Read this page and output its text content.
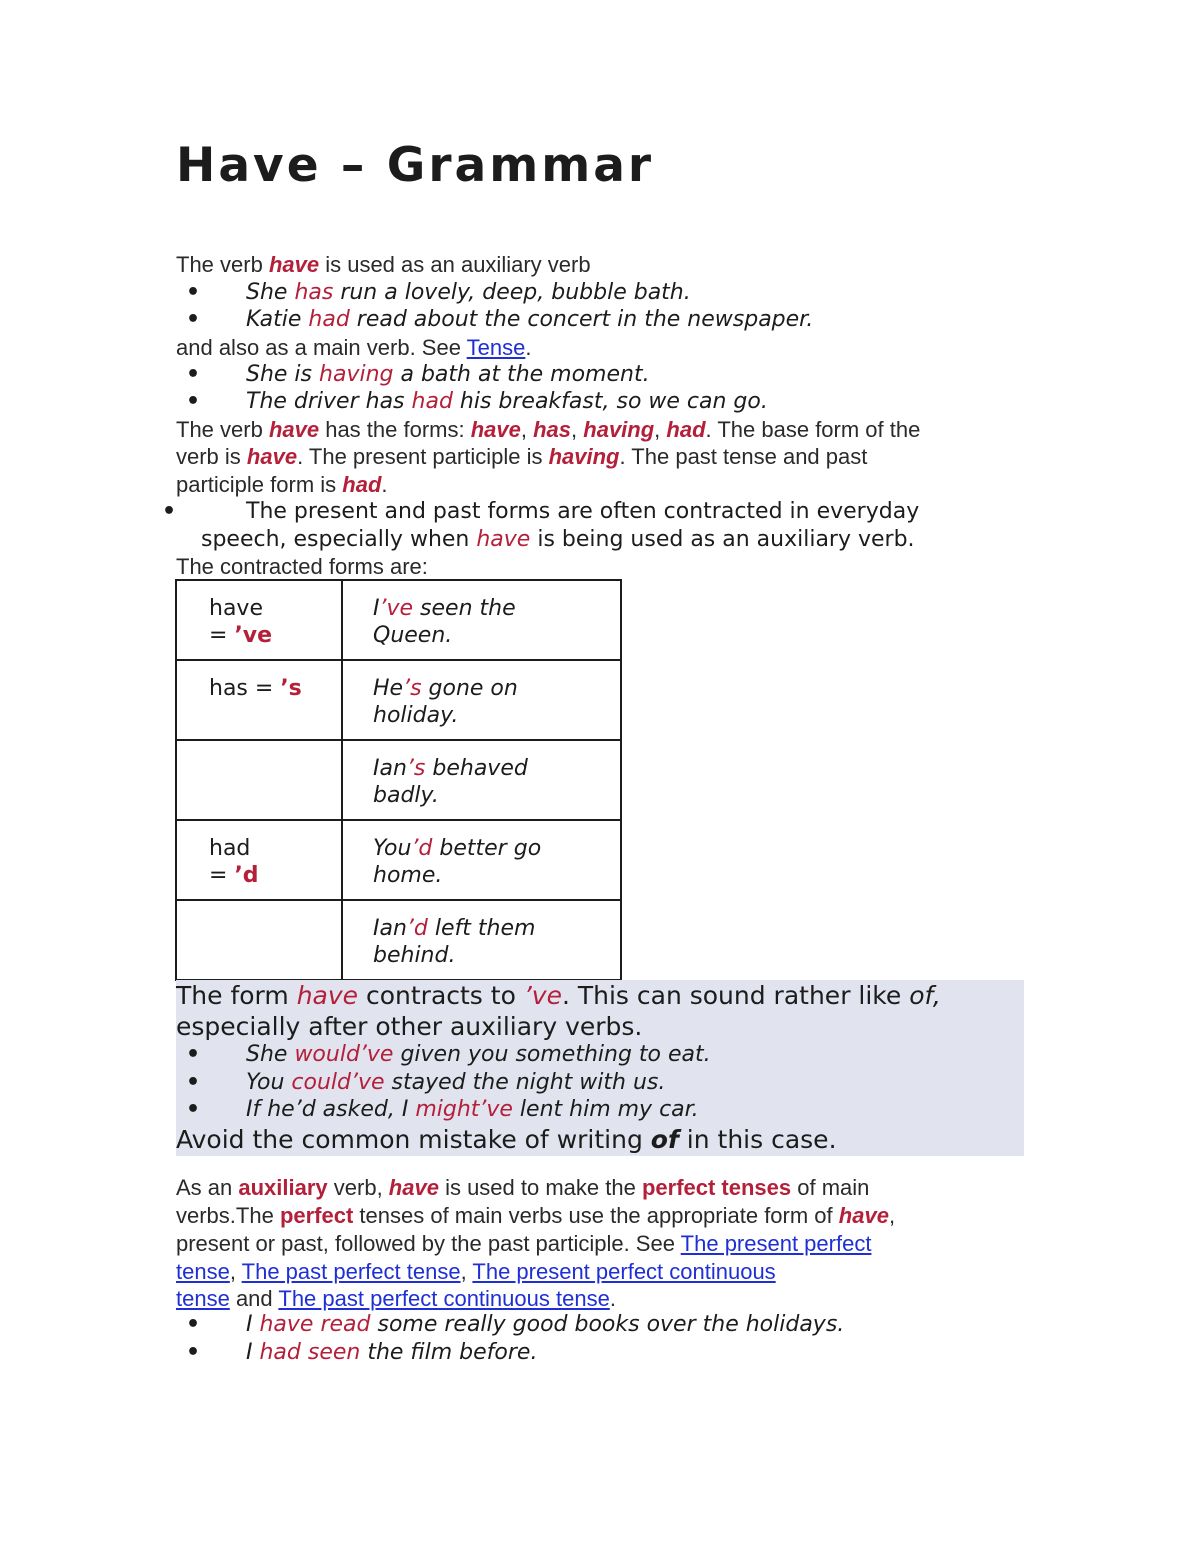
Have – Grammar
The verb have is used as an auxiliary verb
• She has run a lovely, deep, bubble bath.
• Katie had read about the concert in the newspaper.
and also as a main verb. See Tense.
• She is having a bath at the moment.
• The driver has had his breakfast, so we can go.
The verb have has the forms: have, has, having, had. The base form of the
verb is have. The present participle is having. The past tense and past
participle form is had.
•	The present and past forms are often contracted in everyday
speech, especially when have is being used as an auxiliary verb.
The contracted forms are:
have
= ’ve	I’ve seen the
Queen.
has = ’s	He’s gone on
holiday.
	Ian’s behaved
badly.
had
= ’d	You’d better go
home.
	Ian’d left them
behind.
The form have contracts to ’ve. This can sound rather like of,
especially after other auxiliary verbs.
• She would’ve given you something to eat.
• You could’ve stayed the night with us.
• If he’d asked, I might’ve lent him my car.
Avoid the common mistake of writing of in this case.
As an auxiliary verb, have is used to make the perfect tenses of main
verbs.The perfect tenses of main verbs use the appropriate form of have,
present or past, followed by the past participle. See The present perfect
tense, The past perfect tense, The present perfect continuous
tense and The past perfect continuous tense.
• I have read some really good books over the holidays.
• I had seen the film before.
